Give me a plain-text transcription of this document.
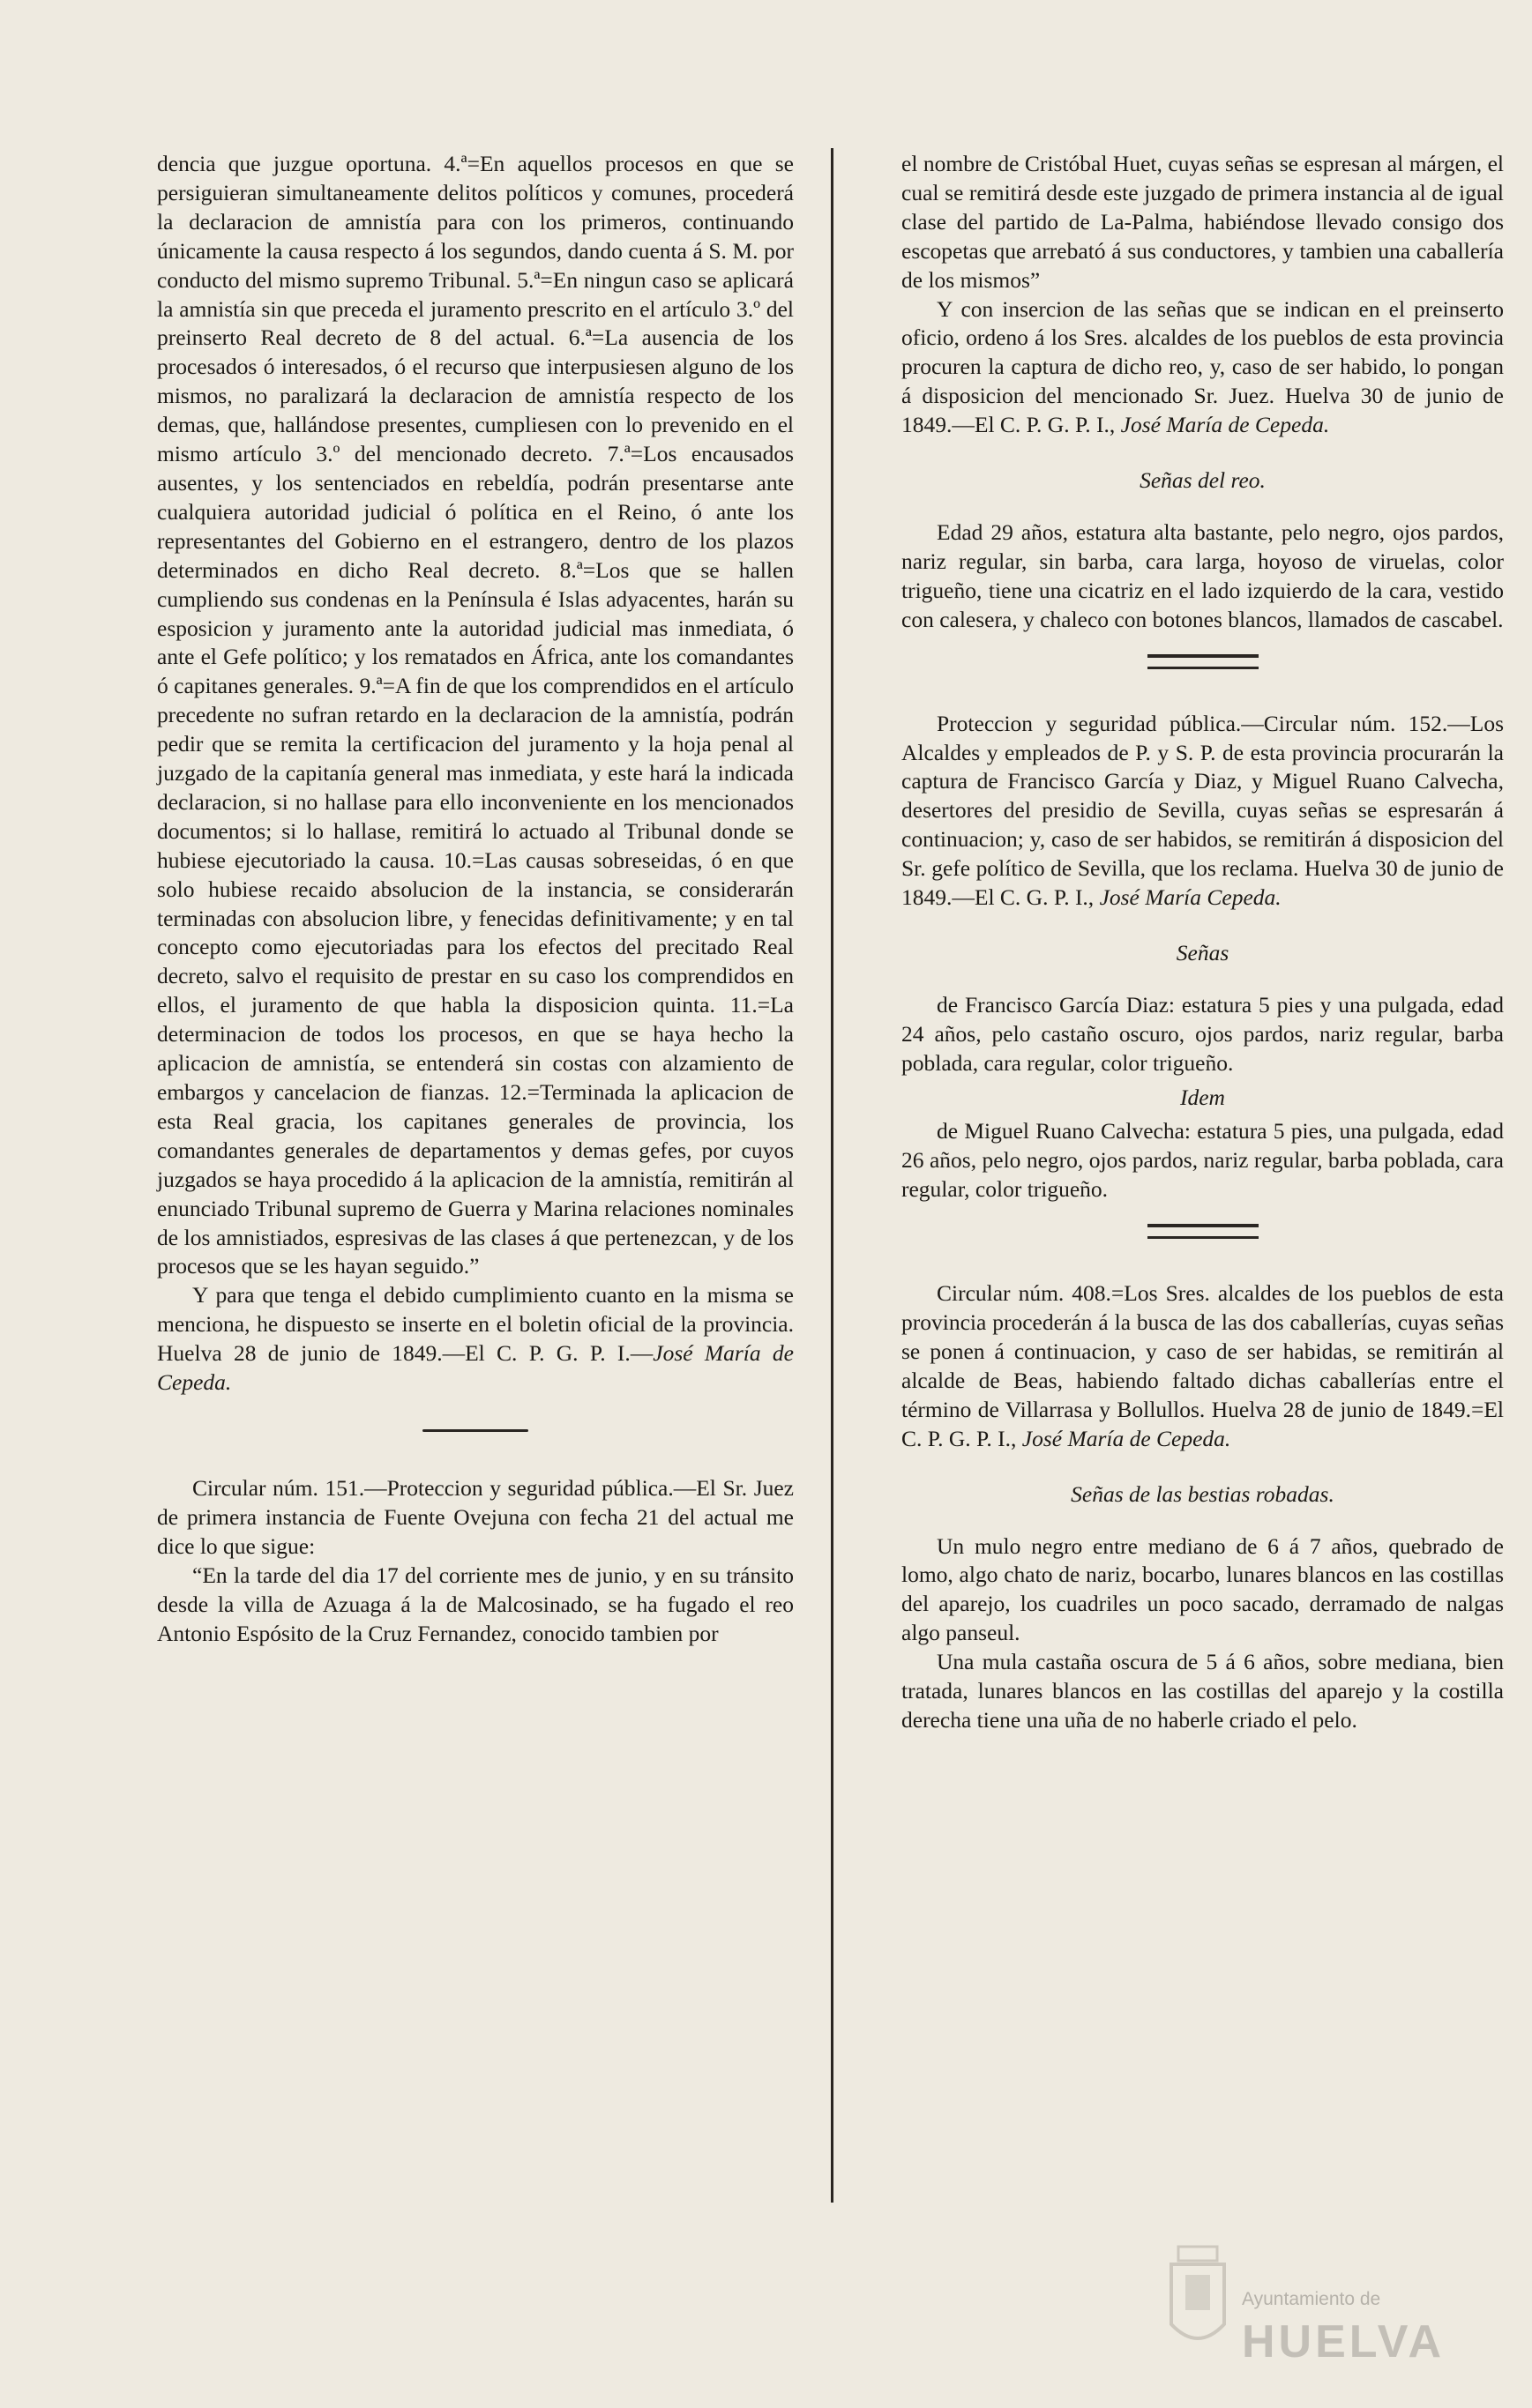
dencia que juzgue oportuna. 4.ª=En aquellos procesos en que se persiguieran simultaneamente delitos políticos y comunes, procederá la declaracion de amnistía para con los primeros, continuando únicamente la causa respecto á los segundos, dando cuenta á S. M. por conducto del mismo supremo Tribunal. 5.ª=En ningun caso se aplicará la amnistía sin que preceda el juramento prescrito en el artículo 3.º del preinserto Real decreto de 8 del actual. 6.ª=La ausencia de los procesados ó interesados, ó el recurso que interpusiesen alguno de los mismos, no paralizará la declaracion de amnistía respecto de los demas, que, hallándose presentes, cumpliesen con lo prevenido en el mismo artículo 3.º del mencionado decreto. 7.ª=Los encausados ausentes, y los sentenciados en rebeldía, podrán presentarse ante cualquiera autoridad judicial ó política en el Reino, ó ante los representantes del Gobierno en el estrangero, dentro de los plazos determinados en dicho Real decreto. 8.ª=Los que se hallen cumpliendo sus condenas en la Península é Islas adyacentes, harán su esposicion y juramento ante la autoridad judicial mas inmediata, ó ante el Gefe político; y los rematados en África, ante los comandantes ó capitanes generales. 9.ª=A fin de que los comprendidos en el artículo precedente no sufran retardo en la declaracion de la amnistía, podrán pedir que se remita la certificacion del juramento y la hoja penal al juzgado de la capitanía general mas inmediata, y este hará la indicada declaracion, si no hallase para ello inconveniente en los mencionados documentos; si lo hallase, remitirá lo actuado al Tribunal donde se hubiese ejecutoriado la causa. 10.=Las causas sobreseidas, ó en que solo hubiese recaido absolucion de la instancia, se considerarán terminadas con absolucion libre, y fenecidas definitivamente; y en tal concepto como ejecutoriadas para los efectos del precitado Real decreto, salvo el requisito de prestar en su caso los comprendidos en ellos, el juramento de que habla la disposicion quinta. 11.=La determinacion de todos los procesos, en que se haya hecho la aplicacion de amnistía, se entenderá sin costas con alzamiento de embargos y cancelacion de fianzas. 12.=Terminada la aplicacion de esta Real gracia, los capitanes generales de provincia, los comandantes generales de departamentos y demas gefes, por cuyos juzgados se haya procedido á la aplicacion de la amnistía, remitirán al enunciado Tribunal supremo de Guerra y Marina relaciones nominales de los amnistiados, espresivas de las clases á que pertenezcan, y de los procesos que se les hayan seguido.”

Y para que tenga el debido cumplimiento cuanto en la misma se menciona, he dispuesto se inserte en el boletin oficial de la provincia. Huelva 28 de junio de 1849.—El C. P. G. P. I.—José María de Cepeda.

Circular núm. 151.—Proteccion y seguridad pública.—El Sr. Juez de primera instancia de Fuente Ovejuna con fecha 21 del actual me dice lo que sigue:

“En la tarde del dia 17 del corriente mes de junio, y en su tránsito desde la villa de Azuaga á la de Malcosinado, se ha fugado el reo Antonio Espósito de la Cruz Fernandez, conocido tambien por

el nombre de Cristóbal Huet, cuyas señas se espresan al márgen, el cual se remitirá desde este juzgado de primera instancia al de igual clase del partido de La-Palma, habiéndose llevado consigo dos escopetas que arrebató á sus conductores, y tambien una caballería de los mismos”

Y con insercion de las señas que se indican en el preinserto oficio, ordeno á los Sres. alcaldes de los pueblos de esta provincia procuren la captura de dicho reo, y, caso de ser habido, lo pongan á disposicion del mencionado Sr. Juez. Huelva 30 de junio de 1849.—El C. P. G. P. I., José María de Cepeda.

Señas del reo.

Edad 29 años, estatura alta bastante, pelo negro, ojos pardos, nariz regular, sin barba, cara larga, hoyoso de viruelas, color trigueño, tiene una cicatriz en el lado izquierdo de la cara, vestido con calesera, y chaleco con botones blancos, llamados de cascabel.

Proteccion y seguridad pública.—Circular núm. 152.—Los Alcaldes y empleados de P. y S. P. de esta provincia procurarán la captura de Francisco García y Diaz, y Miguel Ruano Calvecha, desertores del presidio de Sevilla, cuyas señas se espresarán á continuacion; y, caso de ser habidos, se remitirán á disposicion del Sr. gefe político de Sevilla, que los reclama. Huelva 30 de junio de 1849.—El C. G. P. I., José María Cepeda.

Señas

de Francisco García Diaz: estatura 5 pies y una pulgada, edad 24 años, pelo castaño oscuro, ojos pardos, nariz regular, barba poblada, cara regular, color trigueño.

Idem

de Miguel Ruano Calvecha: estatura 5 pies, una pulgada, edad 26 años, pelo negro, ojos pardos, nariz regular, barba poblada, cara regular, color trigueño.

Circular núm. 408.=Los Sres. alcaldes de los pueblos de esta provincia procederán á la busca de las dos caballerías, cuyas señas se ponen á continuacion, y caso de ser habidas, se remitirán al alcalde de Beas, habiendo faltado dichas caballerías entre el término de Villarrasa y Bollullos. Huelva 28 de junio de 1849.=El C. P. G. P. I., José María de Cepeda.

Señas de las bestias robadas.

Un mulo negro entre mediano de 6 á 7 años, quebrado de lomo, algo chato de nariz, bocarbo, lunares blancos en las costillas del aparejo, los cuadriles un poco sacado, derramado de nalgas algo panseul.

Una mula castaña oscura de 5 á 6 años, sobre mediana, bien tratada, lunares blancos en las costillas del aparejo y la costilla derecha tiene una uña de no haberle criado el pelo.

Ayuntamiento de
HUELVA
